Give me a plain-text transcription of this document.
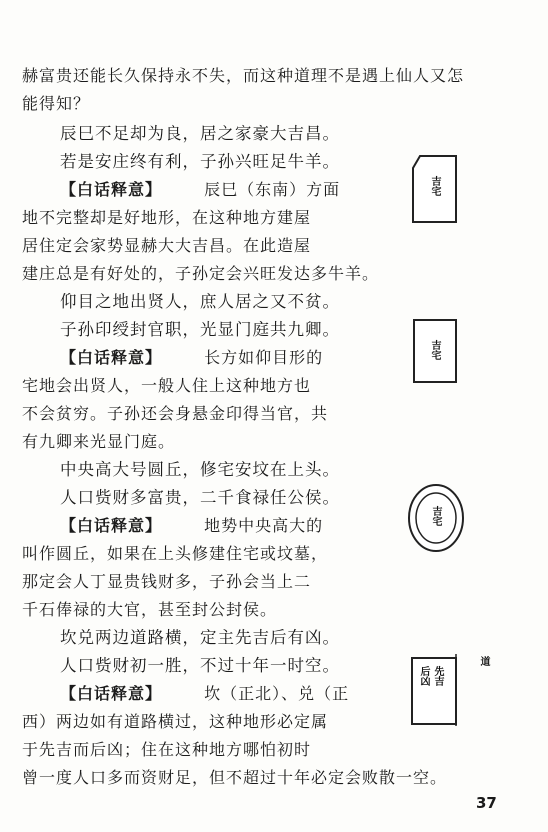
赫富贵还能长久保持永不失，而这种道理不是遇上仙人又怎
能得知？
辰巳不足却为良，居之家豪大吉昌。
若是安庄终有利，子孙兴旺足牛羊。
【白话释意】	辰巳（东南）方面
地不完整却是好地形，在这种地方建屋
居住定会家势显赫大大吉昌。在此造屋
建庄总是有好处的，子孙定会兴旺发达多牛羊。
仰目之地出贤人，庶人居之又不贫。
子孙印绶封官职，光显门庭共九卿。
【白话释意】	长方如仰目形的
宅地会出贤人，一般人住上这种地方也
不会贫穷。子孙还会身悬金印得当官，共
有九卿来光显门庭。
中央高大号圆丘，修宅安坟在上头。
人口赀财多富贵，二千食禄任公侯。
【白话释意】	地势中央高大的
叫作圆丘，如果在上头修建住宅或坟墓，
那定会人丁显贵钱财多，子孙会当上二
千石俸禄的大官，甚至封公封侯。
坎兑两边道路横，定主先吉后有凶。
人口赀财初一胜，不过十年一时空。
【白话释意】	坎（正北）、兑（正
西）两边如有道路横过，这种地形必定属
于先吉而后凶；住在这种地方哪怕初时
曾一度人口多而资财足，但不超过十年必定会败散一空。
吉宅
吉宅
吉宅
后凶 先吉
道
37
